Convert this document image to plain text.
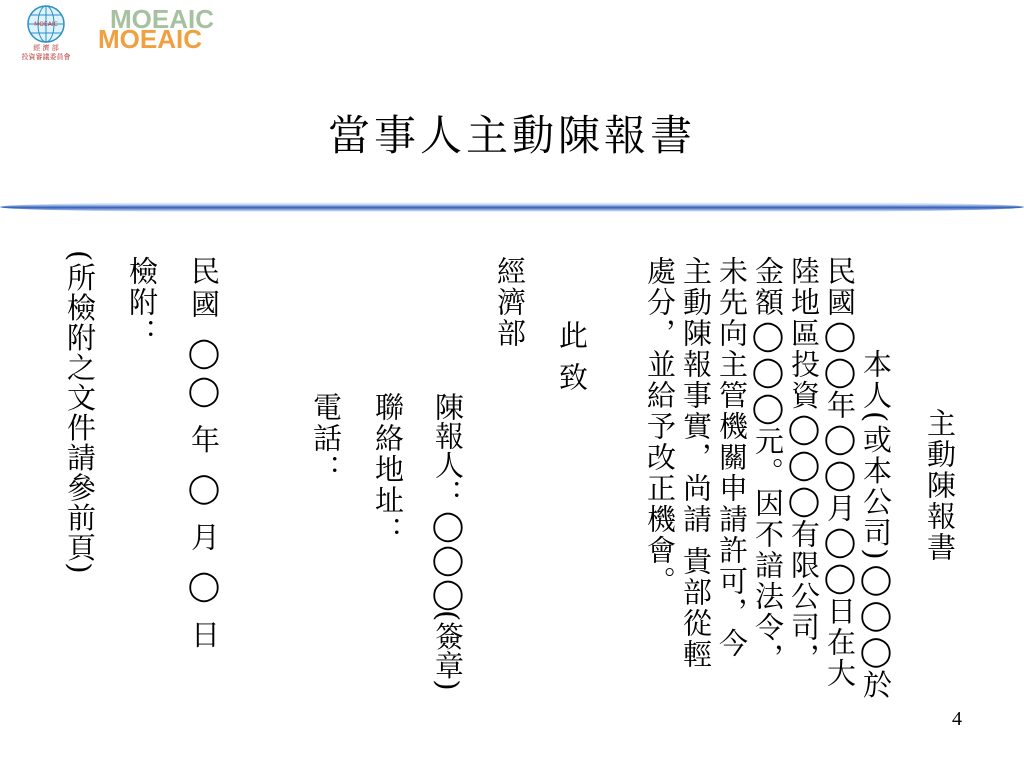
MOEAIC
經 濟 部
投資審議委員會
MOEAIC
MOEAIC
當事人主動陳報書
主動陳報書
　本人(或本公司)◯◯◯於
民國◯◯年◯◯月◯◯日在大
陸地區投資◯◯◯有限公司，
金額◯◯◯元。因不諳法令，
未先向主管機關申請許可，今
主動陳報事實，尚請 貴部從輕
處分，並給予改正機會。
此
致
經濟部
陳報人：◯◯◯(簽章)
聯絡地址：
電話：
民國 ◯◯ 年 ◯ 月 ◯ 日
檢附：
(所檢附之文件請參前頁)
4
